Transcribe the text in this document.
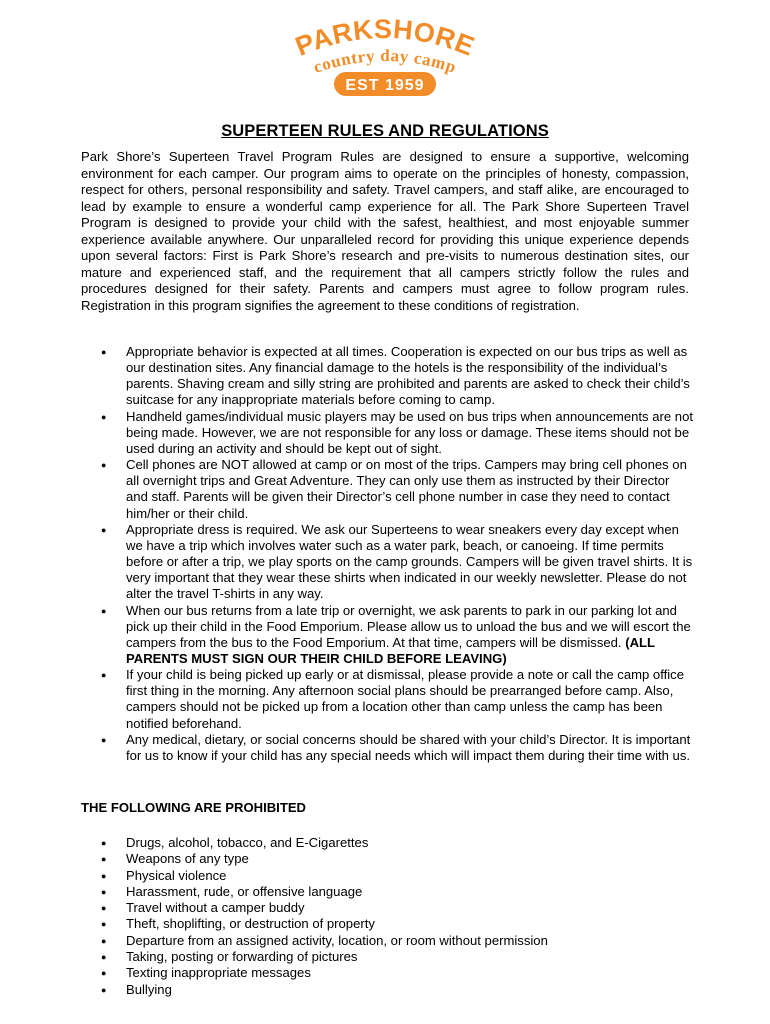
PARKSHORE
country day camp
EST 1959
SUPERTEEN RULES AND REGULATIONS

Park Shore’s Superteen Travel Program Rules are designed to ensure a supportive, welcoming environment for each camper. Our program aims to operate on the principles of honesty, compassion, respect for others, personal responsibility and safety. Travel campers, and staff alike, are encouraged to lead by example to ensure a wonderful camp experience for all. The Park Shore Superteen Travel Program is designed to provide your child with the safest, healthiest, and most enjoyable summer experience available anywhere. Our unparalleled record for providing this unique experience depends upon several factors: First is Park Shore’s research and pre-visits to numerous destination sites, our mature and experienced staff, and the requirement that all campers strictly follow the rules and procedures designed for their safety. Parents and campers must agree to follow program rules. Registration in this program signifies the agreement to these conditions of registration.

● Appropriate behavior is expected at all times. Cooperation is expected on our bus trips as well as our destination sites. Any financial damage to the hotels is the responsibility of the individual’s parents. Shaving cream and silly string are prohibited and parents are asked to check their child’s suitcase for any inappropriate materials before coming to camp.
● Handheld games/individual music players may be used on bus trips when announcements are not being made. However, we are not responsible for any loss or damage. These items should not be used during an activity and should be kept out of sight.
● Cell phones are NOT allowed at camp or on most of the trips. Campers may bring cell phones on all overnight trips and Great Adventure. They can only use them as instructed by their Director and staff. Parents will be given their Director’s cell phone number in case they need to contact him/her or their child.
● Appropriate dress is required. We ask our Superteens to wear sneakers every day except when we have a trip which involves water such as a water park, beach, or canoeing. If time permits before or after a trip, we play sports on the camp grounds. Campers will be given travel shirts. It is very important that they wear these shirts when indicated in our weekly newsletter. Please do not alter the travel T-shirts in any way.
● When our bus returns from a late trip or overnight, we ask parents to park in our parking lot and pick up their child in the Food Emporium. Please allow us to unload the bus and we will escort the campers from the bus to the Food Emporium. At that time, campers will be dismissed. (ALL PARENTS MUST SIGN OUR THEIR CHILD BEFORE LEAVING)
● If your child is being picked up early or at dismissal, please provide a note or call the camp office first thing in the morning. Any afternoon social plans should be prearranged before camp. Also, campers should not be picked up from a location other than camp unless the camp has been notified beforehand.
● Any medical, dietary, or social concerns should be shared with your child’s Director. It is important for us to know if your child has any special needs which will impact them during their time with us.
THE FOLLOWING ARE PROHIBITED
● Drugs, alcohol, tobacco, and E-Cigarettes
● Weapons of any type
● Physical violence
● Harassment, rude, or offensive language
● Travel without a camper buddy
● Theft, shoplifting, or destruction of property
● Departure from an assigned activity, location, or room without permission
● Taking, posting or forwarding of pictures
● Texting inappropriate messages
● Bullying
